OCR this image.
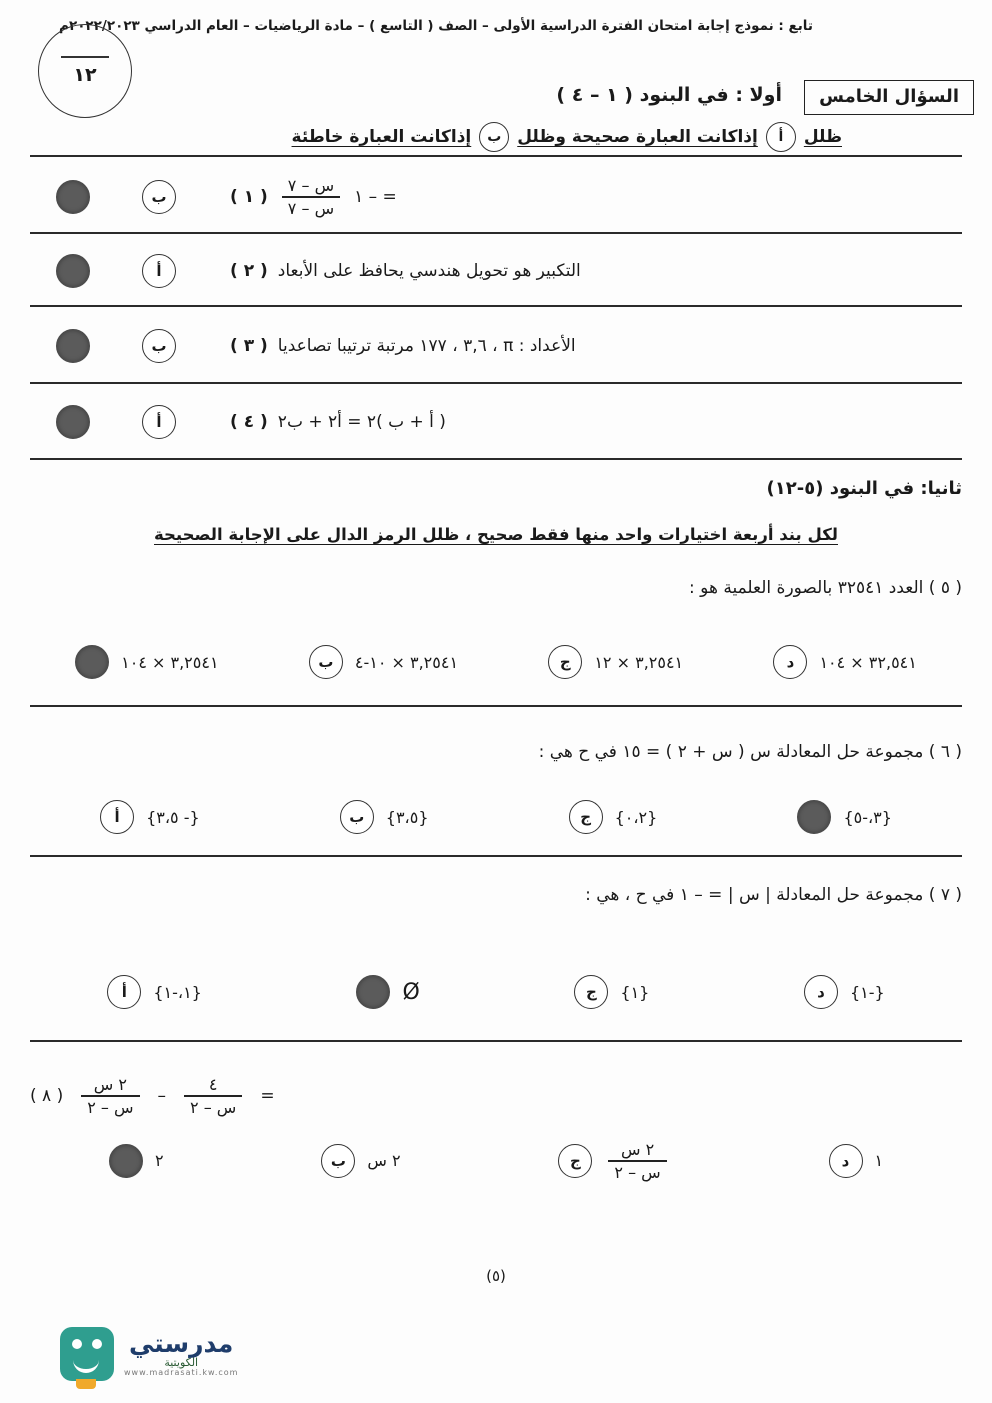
تابع : نموذج إجابة امتحان الفترة الدراسية الأولى – الصف ( التاسع ) – مادة الرياضيات – العام الدراسي ٢٠٢٢/٢٠٢٣م
١٢
السؤال الخامس
أولا : في البنود ( ١ – ٤ )
ظلل
أ
إذاكانت العبارة صحيحة وظلل
ب
إذاكانت العبارة خاطئة
ب	( ١ ) $\frac{\text{س – ٧}}{\text{س – ٧}}$ = – ١
أ	( ٢ ) التكبير هو تحويل هندسي يحافظ على الأبعاد
ب	( ٣ ) الأعداد : π ، ٣,٦ ، ١٧٧ مرتبة ترتيبا تصاعديا
أ	( ٤ ) ( أ + ب )٢ = أ٢ + ب٢
ثانيا: في البنود (٥-١٢)
لكل بند أربعة اختيارات واحد منها فقط صحيح ، ظلل الرمز الدال على الإجابة الصحيحة
( ٥ ) العدد ٣٢٥٤١ بالصورة العلمية هو :
٣,٢٥٤١ × ١٠٤	ب	٣,٢٥٤١ × ١٠-٤	ج	٣,٢٥٤١ × ١٢	د	٣٢,٥٤١ × ١٠٤
( ٦ ) مجموعة حل المعادلة س ( س + ٢ ) = ١٥ في ح هي :
أ	{- ٣،٥}	ب	{٣،٥}	ج	{٠،٢}	{٣،-٥}
( ٧ ) مجموعة حل المعادلة | س | = – ١ في ح ، هي :
أ	{١،-١}	Ø	ج	{١}	د	{-١}
( ٨ ) $\frac{\text{٢ س}}{\text{س – ٢}} - \frac{٤}{\text{س – ٢}}$ =
٢	ب	٢ س	ج	$\frac{\text{٢ س}}{\text{س – ٢}}$	د	١
(٥)
مدرستي
الكويتية
www.madrasati.kw.com
